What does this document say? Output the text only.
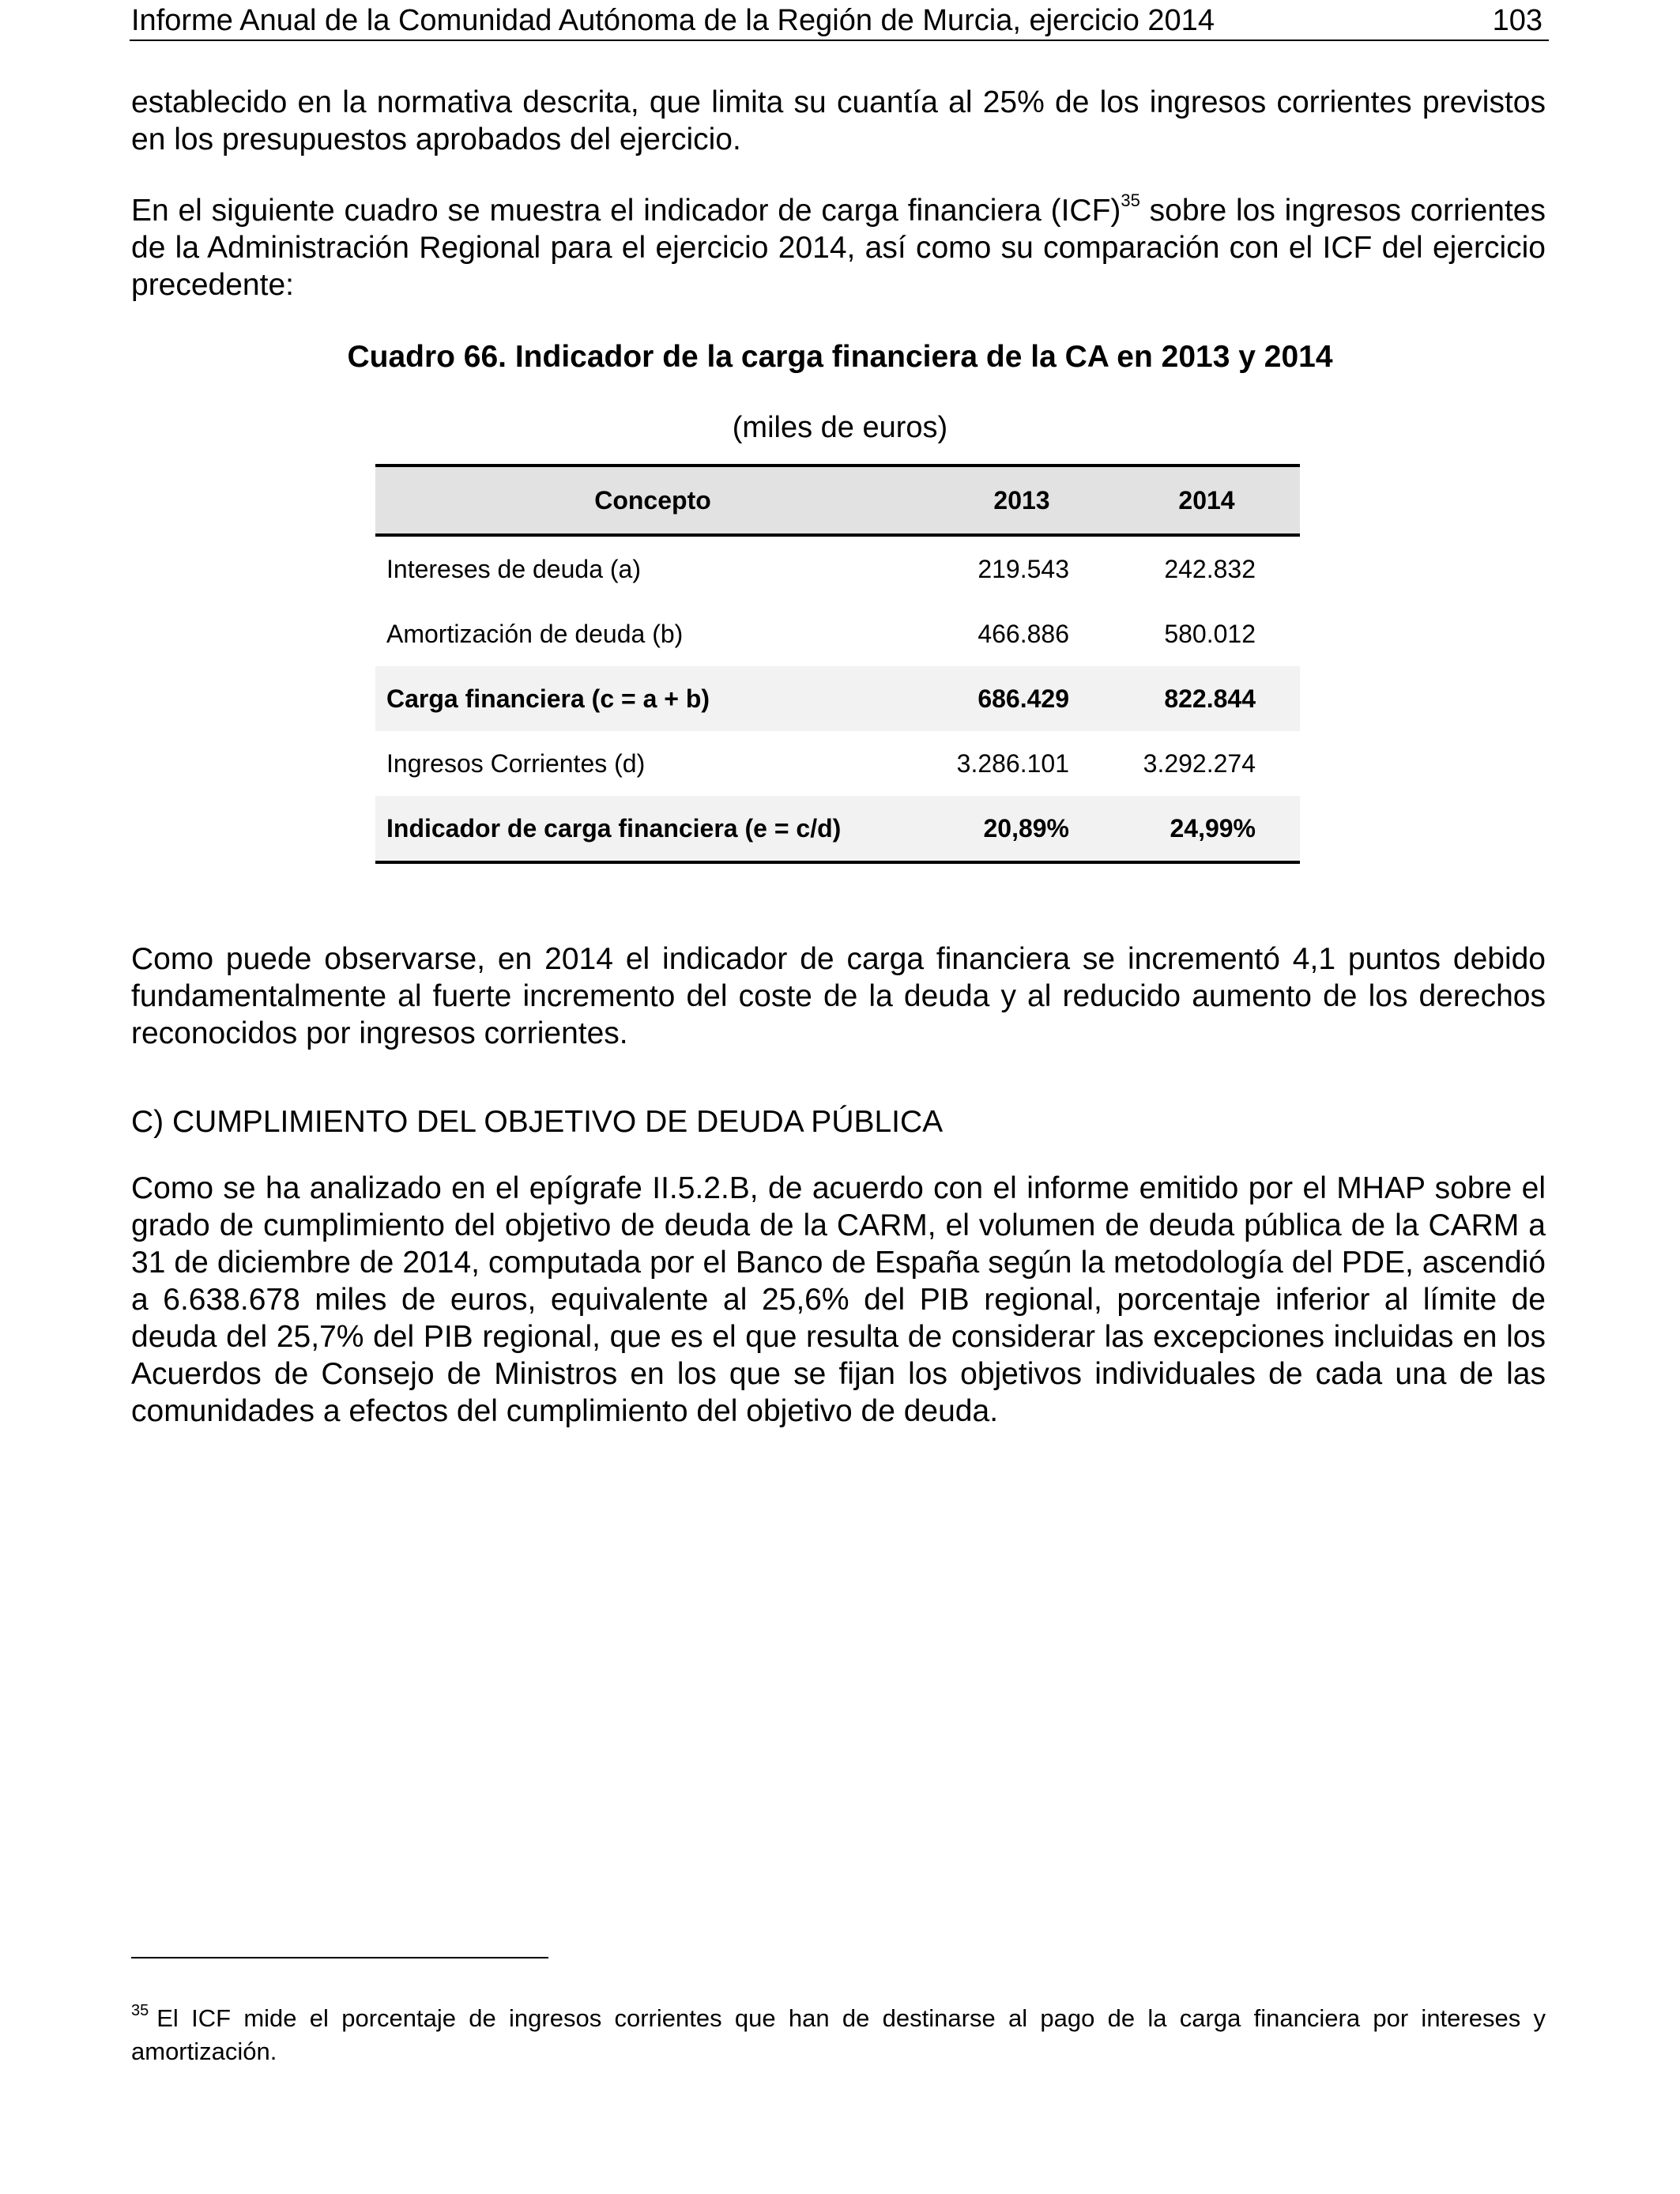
Informe Anual de la Comunidad Autónoma de la Región de Murcia, ejercicio 2014	103
establecido en la normativa descrita, que limita su cuantía al 25% de los ingresos corrientes previstos en los presupuestos aprobados del ejercicio.
En el siguiente cuadro se muestra el indicador de carga financiera (ICF)$^{35}$ sobre los ingresos corrientes de la Administración Regional para el ejercicio 2014, así como su comparación con el ICF del ejercicio precedente:
Cuadro 66. Indicador de la carga financiera de la CA en 2013 y 2014
(miles de euros)
Concepto	2013	2014
Intereses de deuda (a)	219.543	242.832
Amortización de deuda (b)	466.886	580.012
Carga financiera (c = a + b)	686.429	822.844
Ingresos Corrientes (d)	3.286.101	3.292.274
Indicador de carga financiera (e = c/d)	20,89%	24,99%
Como puede observarse, en 2014 el indicador de carga financiera se incrementó 4,1 puntos debido fundamentalmente al fuerte incremento del coste de la deuda y al reducido aumento de los derechos reconocidos por ingresos corrientes.
C) CUMPLIMIENTO DEL OBJETIVO DE DEUDA PÚBLICA
Como se ha analizado en el epígrafe II.5.2.B, de acuerdo con el informe emitido por el MHAP sobre el grado de cumplimiento del objetivo de deuda de la CARM, el volumen de deuda pública de la CARM a 31 de diciembre de 2014, computada por el Banco de España según la metodología del PDE, ascendió a 6.638.678 miles de euros, equivalente al 25,6% del PIB regional, porcentaje inferior al límite de deuda del 25,7% del PIB regional, que es el que resulta de considerar las excepciones incluidas en los Acuerdos de Consejo de Ministros en los que se fijan los objetivos individuales de cada una de las comunidades a efectos del cumplimiento del objetivo de deuda.
$^{35}$ El ICF mide el porcentaje de ingresos corrientes que han de destinarse al pago de la carga financiera por intereses y amortización.
